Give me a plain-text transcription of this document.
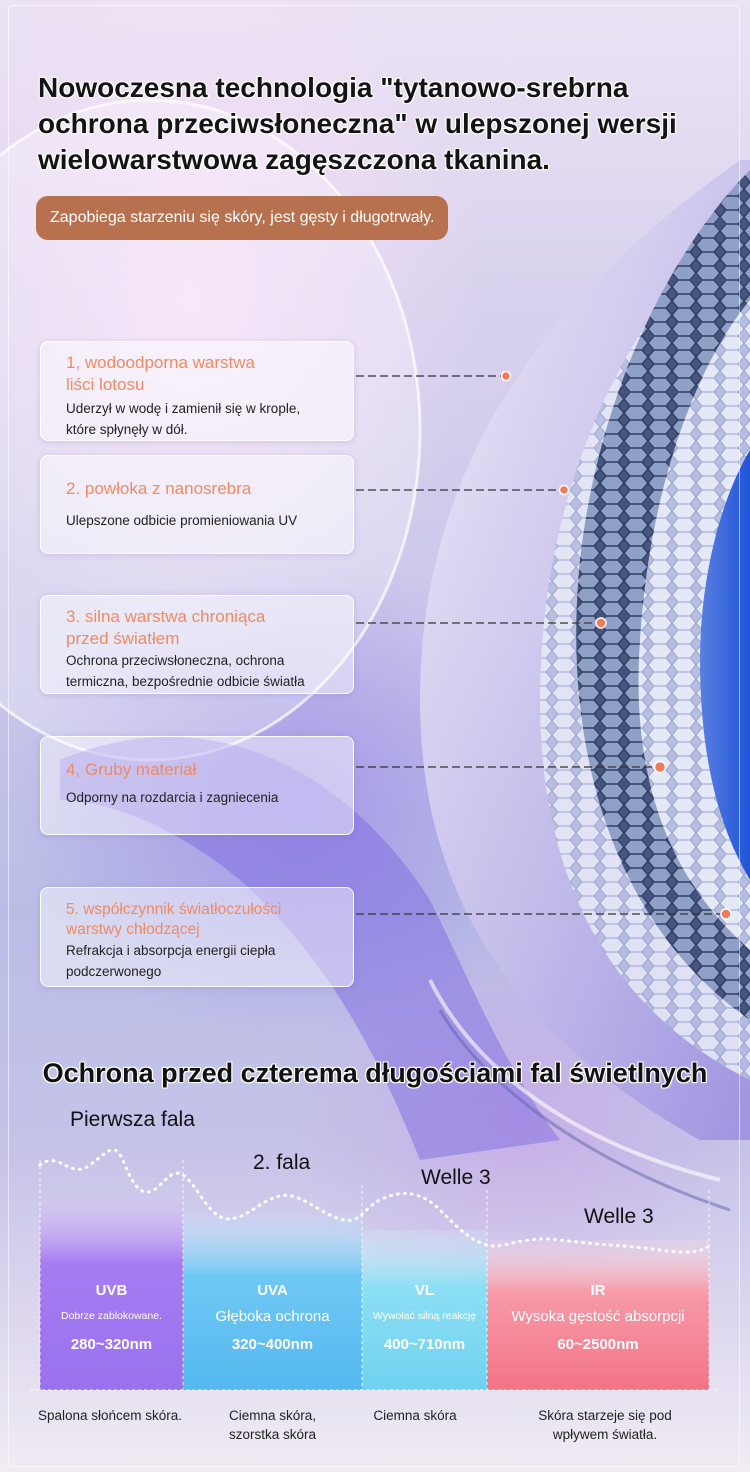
Nowoczesna technologia "tytanowo-srebrna
ochrona przeciwsłoneczna" w ulepszonej wersji
wielowarstwowa zagęszczona tkanina.
Zapobiega starzeniu się skóry, jest gęsty i długotrwały.
1, wodoodporna warstwa
liści lotosu
Uderzył w wodę i zamienił się w krople,
które spłynęły w dół.
2. powłoka z nanosrebra
Ulepszone odbicie promieniowania UV
3. silna warstwa chroniąca
przed światłem
Ochrona przeciwsłoneczna, ochrona
termiczna, bezpośrednie odbicie światła
4, Gruby materiał
Odporny na rozdarcia i zagniecenia
5. współczynnik światłoczułości
warstwy chłodzącej
Refrakcja i absorpcja energii ciepła
podczerwonego
Ochrona przed czterema długościami fal świetlnych
Pierwsza fala
2. fala
Welle 3
Welle 3
UVB
Dobrze zablokowane.
280~320nm
UVA
Głęboka ochrona
320~400nm
VL
Wywołać silną reakcję
400~710nm
IR
Wysoka gęstość absorpcji
60~2500nm
Spalona słońcem skóra.	Ciemna skóra,
szorstka skóra
Ciemna skóra	Skóra starzeje się pod
wpływem światła.
